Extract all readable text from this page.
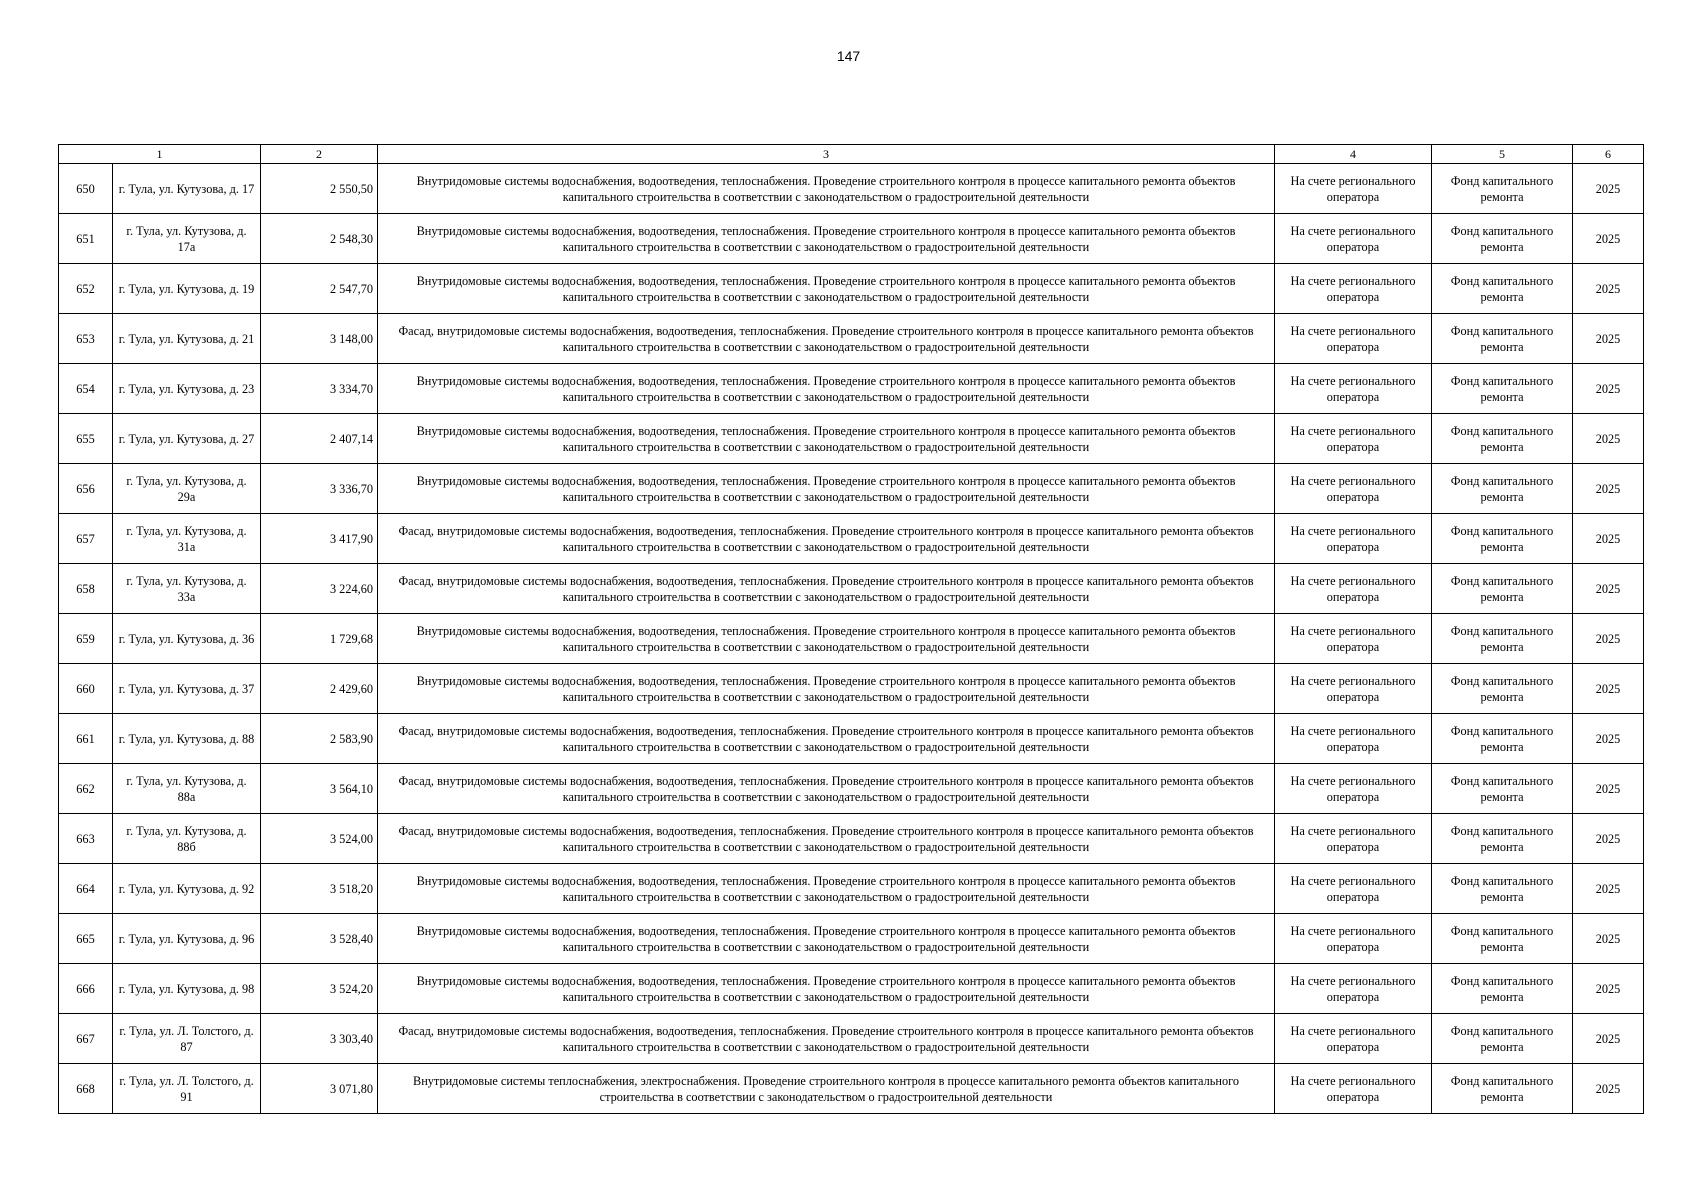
147
1		2	3	4	5	6
650	г. Тула, ул. Кутузова, д. 17	2 550,50	Внутридомовые системы водоснабжения, водоотведения, теплоснабжения. Проведение строительного контроля в процессе капитального ремонта объектов капитального строительства в соответствии с законодательством о градостроительной деятельности	На счете регионального оператора	Фонд капитального ремонта	2025
651	г. Тула, ул. Кутузова, д. 17а	2 548,30	Внутридомовые системы водоснабжения, водоотведения, теплоснабжения. Проведение строительного контроля в процессе капитального ремонта объектов капитального строительства в соответствии с законодательством о градостроительной деятельности	На счете регионального оператора	Фонд капитального ремонта	2025
652	г. Тула, ул. Кутузова, д. 19	2 547,70	Внутридомовые системы водоснабжения, водоотведения, теплоснабжения. Проведение строительного контроля в процессе капитального ремонта объектов капитального строительства в соответствии с законодательством о градостроительной деятельности	На счете регионального оператора	Фонд капитального ремонта	2025
653	г. Тула, ул. Кутузова, д. 21	3 148,00	Фасад, внутридомовые системы водоснабжения, водоотведения, теплоснабжения. Проведение строительного контроля в процессе капитального ремонта объектов капитального строительства в соответствии с законодательством о градостроительной деятельности	На счете регионального оператора	Фонд капитального ремонта	2025
654	г. Тула, ул. Кутузова, д. 23	3 334,70	Внутридомовые системы водоснабжения, водоотведения, теплоснабжения. Проведение строительного контроля в процессе капитального ремонта объектов капитального строительства в соответствии с законодательством о градостроительной деятельности	На счете регионального оператора	Фонд капитального ремонта	2025
655	г. Тула, ул. Кутузова, д. 27	2 407,14	Внутридомовые системы водоснабжения, водоотведения, теплоснабжения. Проведение строительного контроля в процессе капитального ремонта объектов капитального строительства в соответствии с законодательством о градостроительной деятельности	На счете регионального оператора	Фонд капитального ремонта	2025
656	г. Тула, ул. Кутузова, д. 29а	3 336,70	Внутридомовые системы водоснабжения, водоотведения, теплоснабжения. Проведение строительного контроля в процессе капитального ремонта объектов капитального строительства в соответствии с законодательством о градостроительной деятельности	На счете регионального оператора	Фонд капитального ремонта	2025
657	г. Тула, ул. Кутузова, д. 31а	3 417,90	Фасад, внутридомовые системы водоснабжения, водоотведения, теплоснабжения. Проведение строительного контроля в процессе капитального ремонта объектов капитального строительства в соответствии с законодательством о градостроительной деятельности	На счете регионального оператора	Фонд капитального ремонта	2025
658	г. Тула, ул. Кутузова, д. 33а	3 224,60	Фасад, внутридомовые системы водоснабжения, водоотведения, теплоснабжения. Проведение строительного контроля в процессе капитального ремонта объектов капитального строительства в соответствии с законодательством о градостроительной деятельности	На счете регионального оператора	Фонд капитального ремонта	2025
659	г. Тула, ул. Кутузова, д. 36	1 729,68	Внутридомовые системы водоснабжения, водоотведения, теплоснабжения. Проведение строительного контроля в процессе капитального ремонта объектов капитального строительства в соответствии с законодательством о градостроительной деятельности	На счете регионального оператора	Фонд капитального ремонта	2025
660	г. Тула, ул. Кутузова, д. 37	2 429,60	Внутридомовые системы водоснабжения, водоотведения, теплоснабжения. Проведение строительного контроля в процессе капитального ремонта объектов капитального строительства в соответствии с законодательством о градостроительной деятельности	На счете регионального оператора	Фонд капитального ремонта	2025
661	г. Тула, ул. Кутузова, д. 88	2 583,90	Фасад, внутридомовые системы водоснабжения, водоотведения, теплоснабжения. Проведение строительного контроля в процессе капитального ремонта объектов капитального строительства в соответствии с законодательством о градостроительной деятельности	На счете регионального оператора	Фонд капитального ремонта	2025
662	г. Тула, ул. Кутузова, д. 88а	3 564,10	Фасад, внутридомовые системы водоснабжения, водоотведения, теплоснабжения. Проведение строительного контроля в процессе капитального ремонта объектов капитального строительства в соответствии с законодательством о градостроительной деятельности	На счете регионального оператора	Фонд капитального ремонта	2025
663	г. Тула, ул. Кутузова, д. 88б	3 524,00	Фасад, внутридомовые системы водоснабжения, водоотведения, теплоснабжения. Проведение строительного контроля в процессе капитального ремонта объектов капитального строительства в соответствии с законодательством о градостроительной деятельности	На счете регионального оператора	Фонд капитального ремонта	2025
664	г. Тула, ул. Кутузова, д. 92	3 518,20	Внутридомовые системы водоснабжения, водоотведения, теплоснабжения. Проведение строительного контроля в процессе капитального ремонта объектов капитального строительства в соответствии с законодательством о градостроительной деятельности	На счете регионального оператора	Фонд капитального ремонта	2025
665	г. Тула, ул. Кутузова, д. 96	3 528,40	Внутридомовые системы водоснабжения, водоотведения, теплоснабжения. Проведение строительного контроля в процессе капитального ремонта объектов капитального строительства в соответствии с законодательством о градостроительной деятельности	На счете регионального оператора	Фонд капитального ремонта	2025
666	г. Тула, ул. Кутузова, д. 98	3 524,20	Внутридомовые системы водоснабжения, водоотведения, теплоснабжения. Проведение строительного контроля в процессе капитального ремонта объектов капитального строительства в соответствии с законодательством о градостроительной деятельности	На счете регионального оператора	Фонд капитального ремонта	2025
667	г. Тула, ул. Л. Толстого, д. 87	3 303,40	Фасад, внутридомовые системы водоснабжения, водоотведения, теплоснабжения. Проведение строительного контроля в процессе капитального ремонта объектов капитального строительства в соответствии с законодательством о градостроительной деятельности	На счете регионального оператора	Фонд капитального ремонта	2025
668	г. Тула, ул. Л. Толстого, д. 91	3 071,80	Внутридомовые системы теплоснабжения, электроснабжения. Проведение строительного контроля в процессе капитального ремонта объектов капитального строительства в соответствии с законодательством о градостроительной деятельности	На счете регионального оператора	Фонд капитального ремонта	2025
